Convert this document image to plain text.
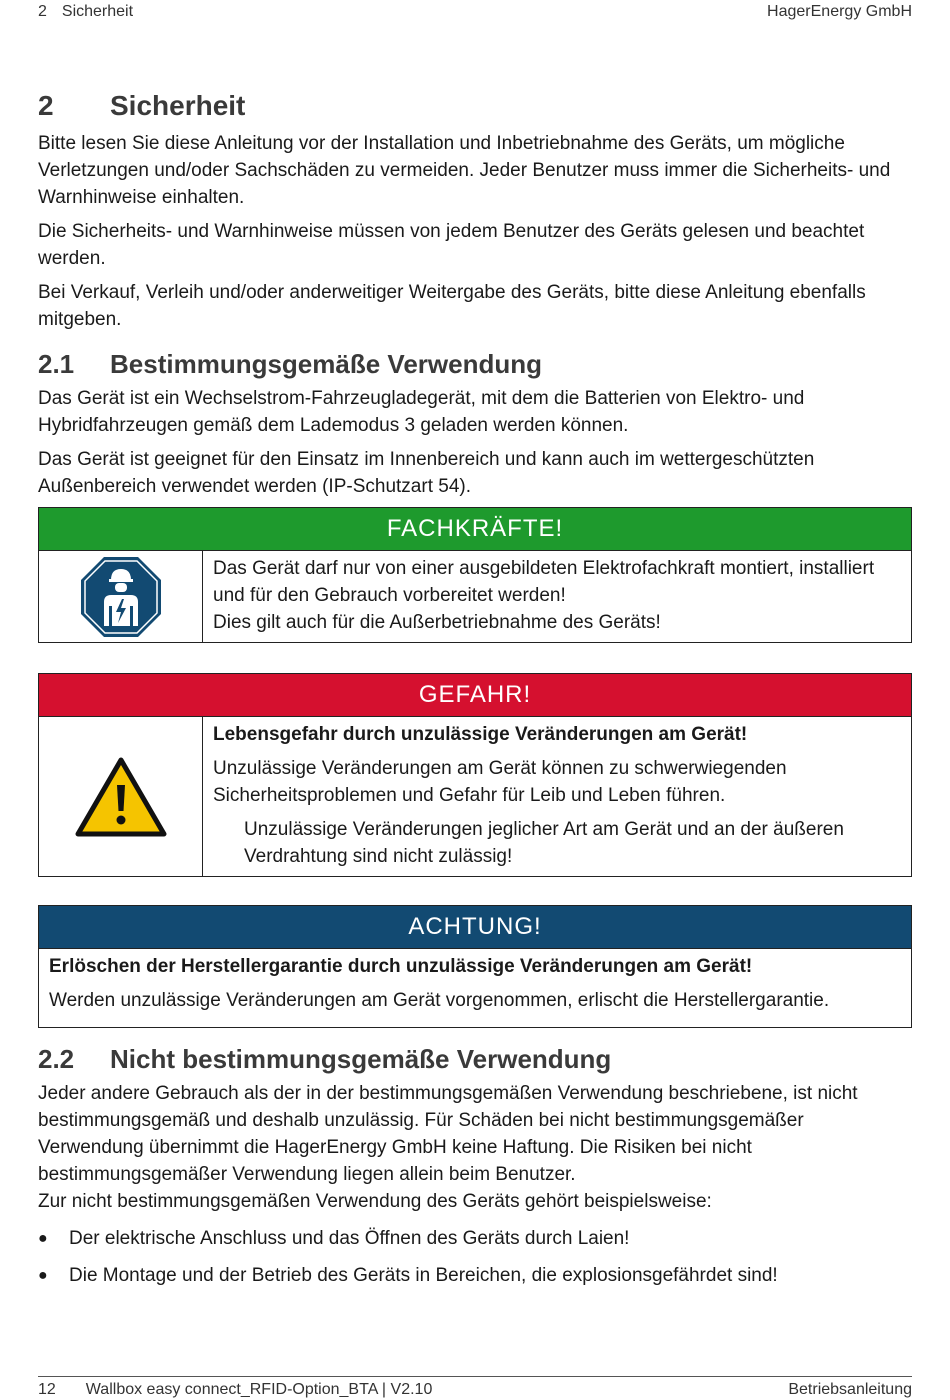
2 Sicherheit	HagerEnergy GmbH
2	Sicherheit

Bitte lesen Sie diese Anleitung vor der Installation und Inbetriebnahme des Geräts, um mögliche Verletzungen und/oder Sachschäden zu vermeiden. Jeder Benutzer muss immer die Sicherheits- und Warnhinweise einhalten.

Die Sicherheits- und Warnhinweise müssen von jedem Benutzer des Geräts gelesen und beachtet werden.

Bei Verkauf, Verleih und/oder anderweitiger Weitergabe des Geräts, bitte diese Anleitung ebenfalls mitgeben.

2.1	Bestimmungsgemäße Verwendung

Das Gerät ist ein Wechselstrom-Fahrzeugladegerät, mit dem die Batterien von Elektro- und Hybridfahrzeugen gemäß dem Lademodus 3 geladen werden können.

Das Gerät ist geeignet für den Einsatz im Innenbereich und kann auch im wettergeschützten Außenbereich verwendet werden (IP-Schutzart 54).

FACHKRÄFTE!
Das Gerät darf nur von einer ausgebildeten Elektrofachkraft montiert, installiert und für den Gebrauch vorbereitet werden!
Dies gilt auch für die Außerbetriebnahme des Geräts!
GEFAHR!

Lebensgefahr durch unzulässige Veränderungen am Gerät!

Unzulässige Veränderungen am Gerät können zu schwerwiegenden Sicherheitsproblemen und Gefahr für Leib und Leben führen.

Unzulässige Veränderungen jeglicher Art am Gerät und an der äußeren Verdrahtung sind nicht zulässig!
ACHTUNG!

Erlöschen der Herstellergarantie durch unzulässige Veränderungen am Gerät!

Werden unzulässige Veränderungen am Gerät vorgenommen, erlischt die Herstellergarantie.

2.2	Nicht bestimmungsgemäße Verwendung

Jeder andere Gebrauch als der in der bestimmungsgemäßen Verwendung beschriebene, ist nicht bestimmungsgemäß und deshalb unzulässig. Für Schäden bei nicht bestimmungsgemäßer Verwendung übernimmt die HagerEnergy GmbH keine Haftung. Die Risiken bei nicht bestimmungsgemäßer Verwendung liegen allein beim Benutzer.

Zur nicht bestimmungsgemäßen Verwendung des Geräts gehört beispielsweise:

●	Der elektrische Anschluss und das Öffnen des Geräts durch Laien!
●	Die Montage und der Betrieb des Geräts in Bereichen, die explosionsgefährdet sind!
12 Wallbox easy connect_RFID-Option_BTA | V2.10	Betriebsanleitung
